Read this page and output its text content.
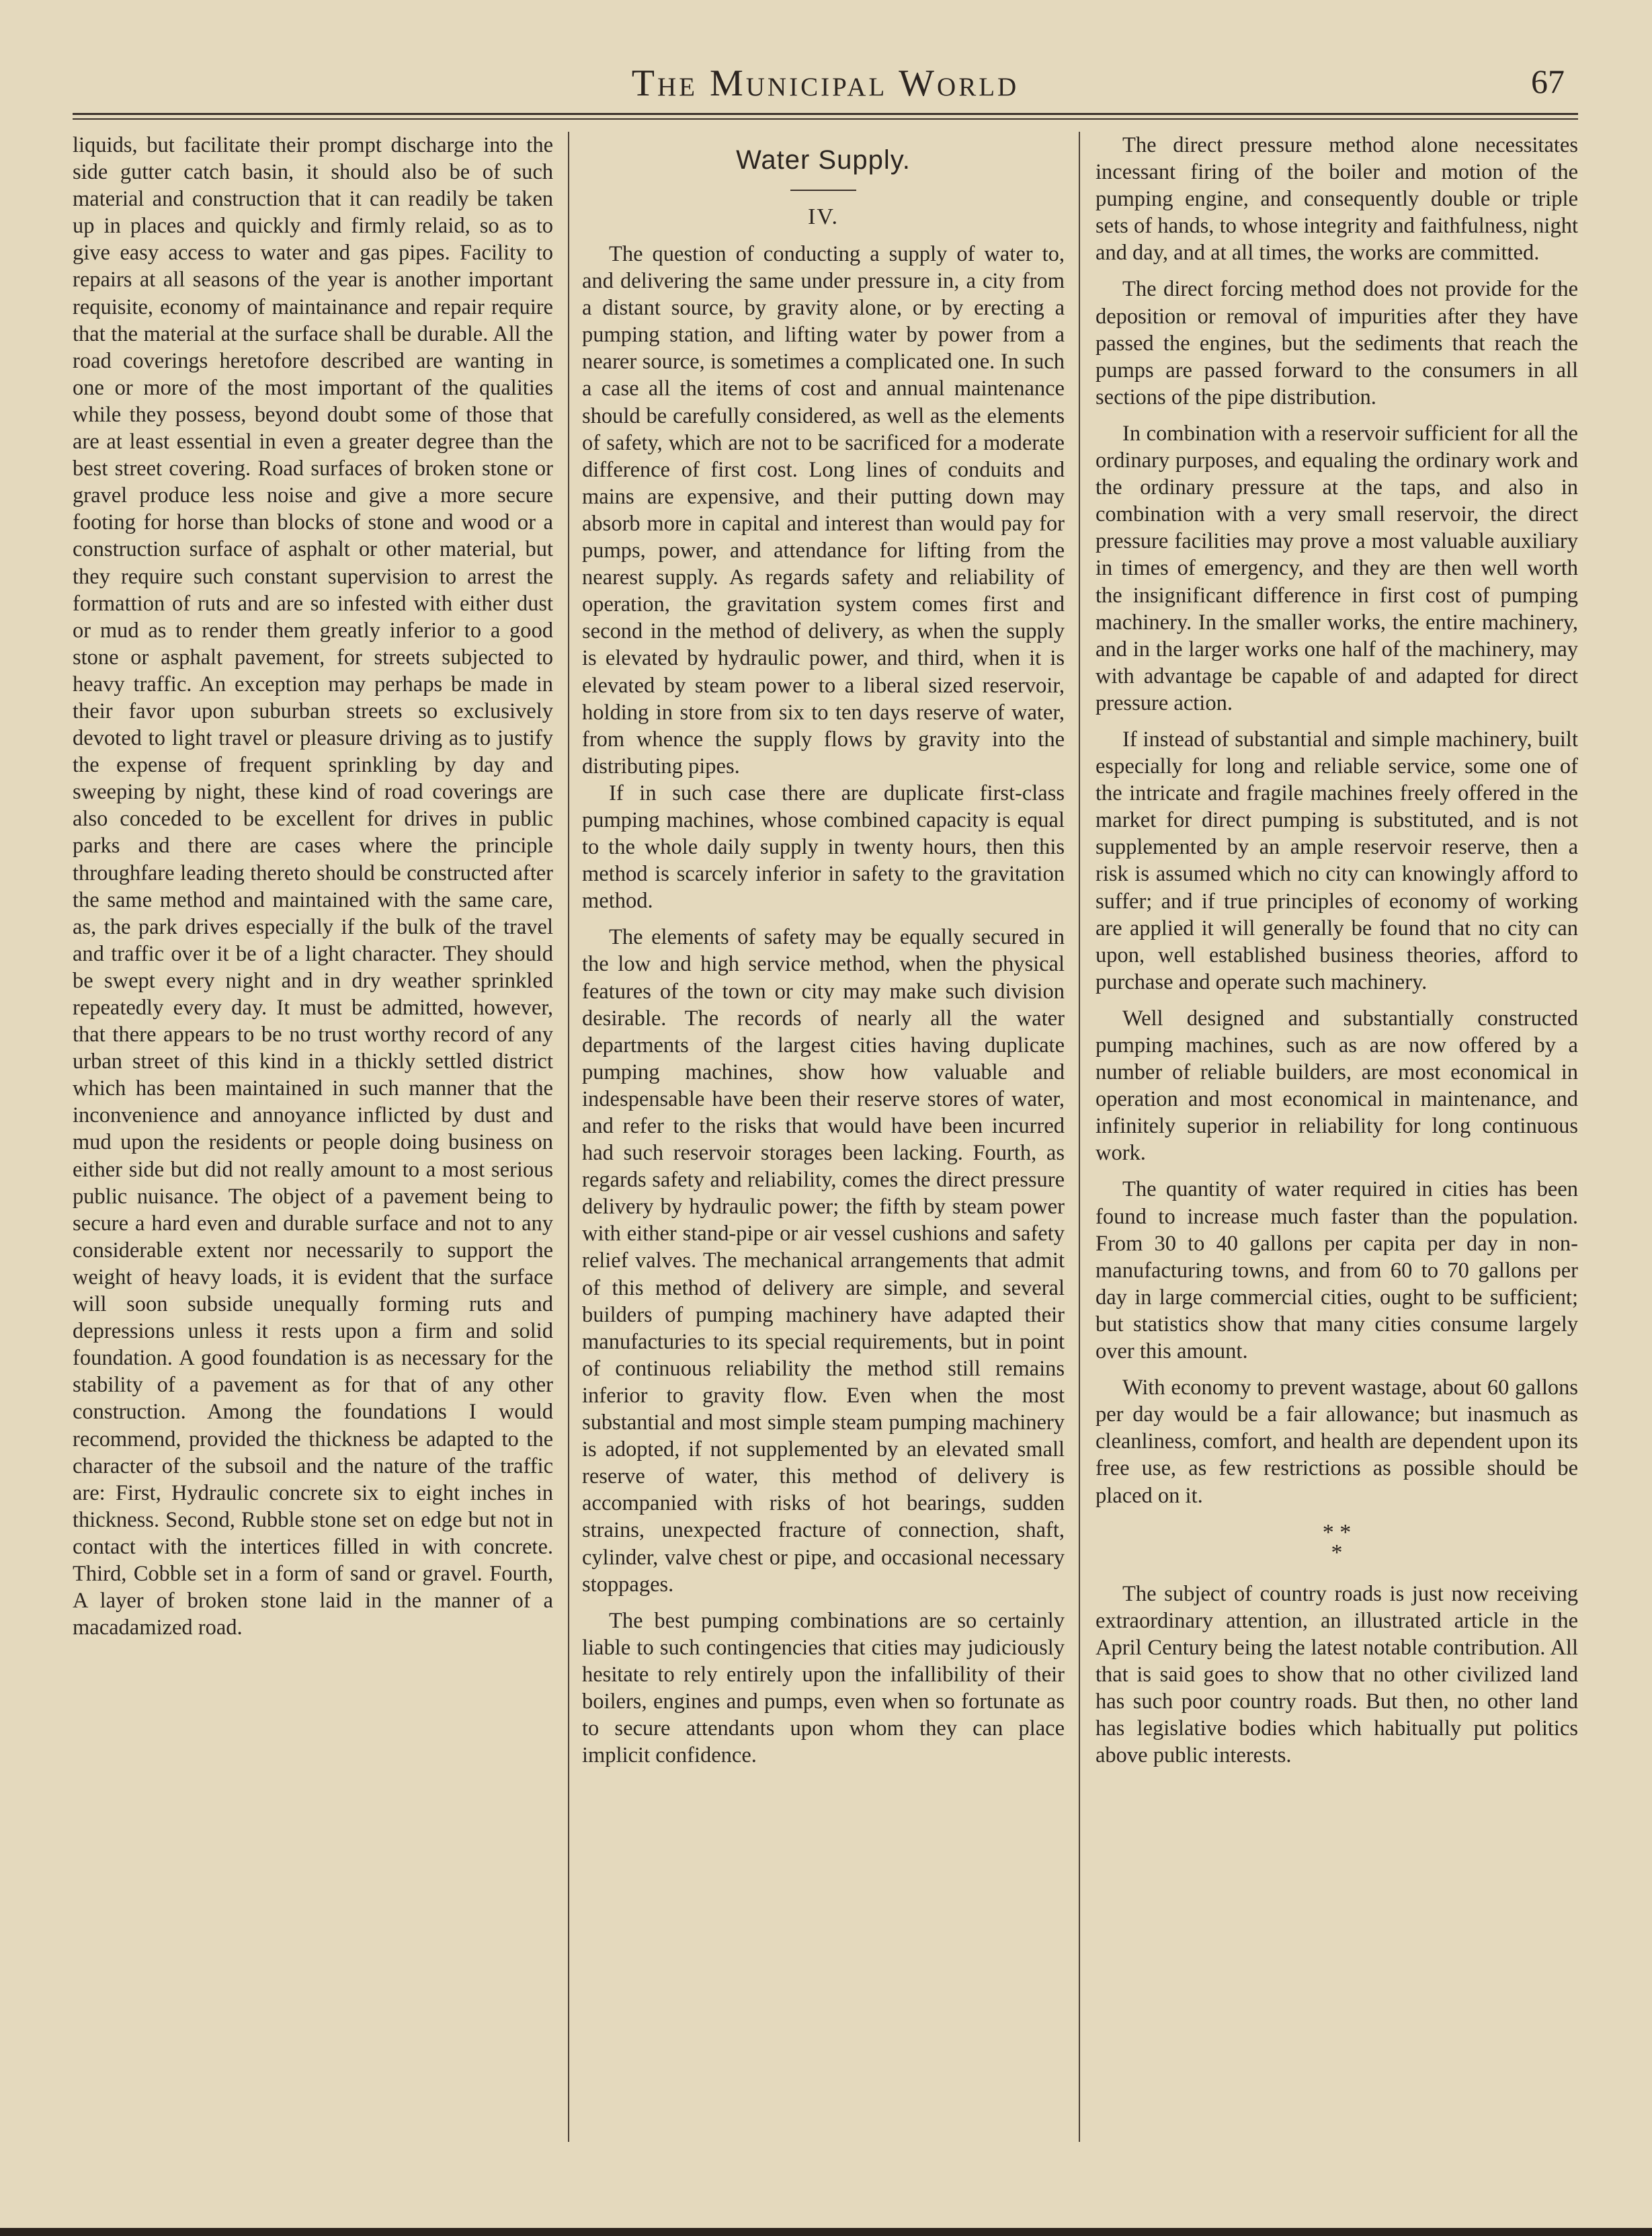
The Municipal World	67

liquids, but facilitate their prompt discharge into the side gutter catch basin, it should also be of such material and construction that it can readily be taken up in places and quickly and firmly relaid, so as to give easy access to water and gas pipes. Facility to repairs at all seasons of the year is another important requisite, economy of maintainance and repair require that the material at the surface shall be durable. All the road coverings heretofore described are wanting in one or more of the most important of the qualities while they possess, beyond doubt some of those that are at least essential in even a greater degree than the best street covering. Road surfaces of broken stone or gravel produce less noise and give a more secure footing for horse than blocks of stone and wood or a construction surface of asphalt or other material, but they require such constant supervision to arrest the formattion of ruts and are so infested with either dust or mud as to render them greatly inferior to a good stone or asphalt pavement, for streets subjected to heavy traffic. An exception may perhaps be made in their favor upon suburban streets so exclusively devoted to light travel or pleasure driving as to justify the expense of frequent sprinkling by day and sweeping by night, these kind of road coverings are also conceded to be excellent for drives in public parks and there are cases where the principle throughfare leading thereto should be constructed after the same method and maintained with the same care, as, the park drives especially if the bulk of the travel and traffic over it be of a light character. They should be swept every night and in dry weather sprinkled repeatedly every day. It must be admitted, however, that there appears to be no trust worthy record of any urban street of this kind in a thickly settled district which has been maintained in such manner that the inconvenience and annoyance inflicted by dust and mud upon the residents or people doing business on either side but did not really amount to a most serious public nuisance. The object of a pavement being to secure a hard even and durable surface and not to any considerable extent nor necessarily to support the weight of heavy loads, it is evident that the surface will soon subside unequally forming ruts and depressions unless it rests upon a firm and solid foundation. A good foundation is as necessary for the stability of a pavement as for that of any other construction. Among the foundations I would recommend, provided the thickness be adapted to the character of the subsoil and the nature of the traffic are: First, Hydraulic concrete six to eight inches in thickness. Second, Rubble stone set on edge but not in contact with the intertices filled in with concrete. Third, Cobble set in a form of sand or gravel. Fourth, A layer of broken stone laid in the manner of a macadamized road.

Water Supply.
IV.

The question of conducting a supply of water to, and delivering the same under pressure in, a city from a distant source, by gravity alone, or by erecting a pumping station, and lifting water by power from a nearer source, is sometimes a complicated one. In such a case all the items of cost and annual maintenance should be carefully considered, as well as the elements of safety, which are not to be sacrificed for a moderate difference of first cost. Long lines of conduits and mains are expensive, and their putting down may absorb more in capital and interest than would pay for pumps, power, and attendance for lifting from the nearest supply. As regards safety and reliability of operation, the gravitation system comes first and second in the method of delivery, as when the supply is elevated by hydraulic power, and third, when it is elevated by steam power to a liberal sized reservoir, holding in store from six to ten days reserve of water, from whence the supply flows by gravity into the distributing pipes.

If in such case there are duplicate first-class pumping machines, whose combined capacity is equal to the whole daily supply in twenty hours, then this method is scarcely inferior in safety to the gravitation method.

The elements of safety may be equally secured in the low and high service method, when the physical features of the town or city may make such division desirable. The records of nearly all the water departments of the largest cities having duplicate pumping machines, show how valuable and indespensable have been their reserve stores of water, and refer to the risks that would have been incurred had such reservoir storages been lacking. Fourth, as regards safety and reliability, comes the direct pressure delivery by hydraulic power; the fifth by steam power with either stand-pipe or air vessel cushions and safety relief valves. The mechanical arrangements that admit of this method of delivery are simple, and several builders of pumping machinery have adapted their manufacturies to its special requirements, but in point of continuous reliability the method still remains inferior to gravity flow. Even when the most substantial and most simple steam pumping machinery is adopted, if not supplemented by an elevated small reserve of water, this method of delivery is accompanied with risks of hot bearings, sudden strains, unexpected fracture of connection, shaft, cylinder, valve chest or pipe, and occasional necessary stoppages.

The best pumping combinations are so certainly liable to such contingencies that cities may judiciously hesitate to rely entirely upon the infallibility of their boilers, engines and pumps, even when so fortunate as to secure attendants upon whom they can place implicit confidence.

The direct pressure method alone necessitates incessant firing of the boiler and motion of the pumping engine, and consequently double or triple sets of hands, to whose integrity and faithfulness, night and day, and at all times, the works are committed.

The direct forcing method does not provide for the deposition or removal of impurities after they have passed the engines, but the sediments that reach the pumps are passed forward to the consumers in all sections of the pipe distribution.

In combination with a reservoir sufficient for all the ordinary purposes, and equaling the ordinary work and the ordinary pressure at the taps, and also in combination with a very small reservoir, the direct pressure facilities may prove a most valuable auxiliary in times of emergency, and they are then well worth the insignificant difference in first cost of pumping machinery. In the smaller works, the entire machinery, and in the larger works one half of the machinery, may with advantage be capable of and adapted for direct pressure action.

If instead of substantial and simple machinery, built especially for long and reliable service, some one of the intricate and fragile machines freely offered in the market for direct pumping is substituted, and is not supplemented by an ample reservoir reserve, then a risk is assumed which no city can knowingly afford to suffer; and if true principles of economy of working are applied it will generally be found that no city can upon, well established business theories, afford to purchase and operate such machinery.

Well designed and substantially constructed pumping machines, such as are now offered by a number of reliable builders, are most economical in operation and most economical in maintenance, and infinitely superior in reliability for long continuous work.

The quantity of water required in cities has been found to increase much faster than the population. From 30 to 40 gallons per capita per day in non-manufacturing towns, and from 60 to 70 gallons per day in large commercial cities, ought to be sufficient; but statistics show that many cities consume largely over this amount.

With economy to prevent wastage, about 60 gallons per day would be a fair allowance; but inasmuch as cleanliness, comfort, and health are dependent upon its free use, as few restrictions as possible should be placed on it.

* *
*

The subject of country roads is just now receiving extraordinary attention, an illustrated article in the April Century being the latest notable contribution. All that is said goes to show that no other civilized land has such poor country roads. But then, no other land has legislative bodies which habitually put politics above public interests.
